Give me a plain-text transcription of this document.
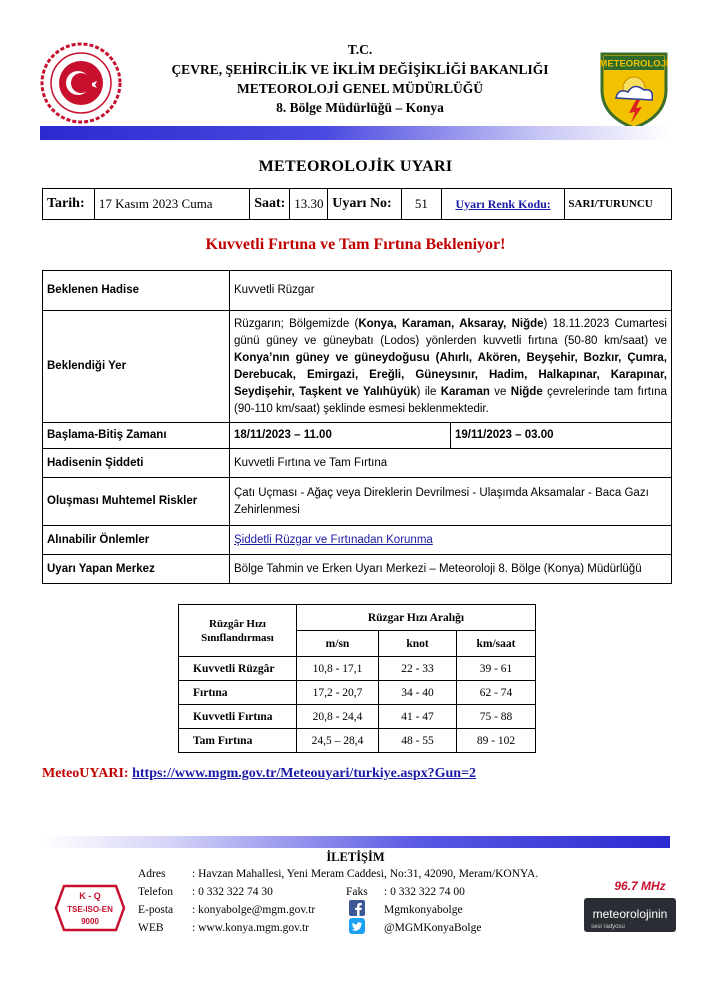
T.C.
ÇEVRE, ŞEHİRCİLİK VE İKLİM DEĞİŞİKLİĞİ BAKANLIĞI
METEOROLOJİ GENEL MÜDÜRLÜĞÜ
8. Bölge Müdürlüğü – Konya
METEOROLOJİ
METEOROLOJİK UYARI
Tarih:	17 Kasım 2023 Cuma	Saat: 13.30 Uyarı No:	51	Uyarı Renk Kodu:	SARI/TURUNCU
Kuvvetli Fırtına ve Tam Fırtına Bekleniyor!
Beklenen Hadise	Kuvvetli Rüzgar	
Beklendiği Yer	Rüzgarın; Bölgemizde (Konya, Karaman, Aksaray, Niğde) 18.11.2023 Cumartesi günü güney ve güneybatı (Lodos) yönlerden kuvvetli fırtına (50-80 km/saat) ve Konya’nın güney ve güneydoğusu (Ahırlı, Akören, Beyşehir, Bozkır, Çumra, Derebucak, Emirgazi, Ereğli, Güneysınır, Hadim, Halkapınar, Karapınar, Seydişehir, Taşkent ve Yalıhüyük) ile Karaman ve Niğde çevrelerinde tam fırtına (90-110 km/saat) şeklinde esmesi beklenmektedir.	
Başlama-Bitiş Zamanı	18/11/2023 – 11.00	19/11/2023 – 03.00
Hadisenin Şiddeti	Kuvvetli Fırtına ve Tam Fırtına	
Oluşması Muhtemel Riskler	Çatı Uçması - Ağaç veya Direklerin Devrilmesi - Ulaşımda Aksamalar - Baca Gazı Zehirlenmesi	
Alınabilir Önlemler	Şiddetli Rüzgar ve Fırtınadan Korunma	
Uyarı Yapan Merkez	Bölge Tahmin ve Erken Uyarı Merkezi – Meteoroloji 8. Bölge (Konya) Müdürlüğü	
Rüzgâr Hızı Sınıflandırması	Rüzgar Hızı Aralığı		
	m/sn	knot	km/saat
Kuvvetli Rüzgâr	10,8 - 17,1	22 - 33	39 - 61
Fırtına	17,2 - 20,7	34 - 40	62 - 74
Kuvvetli Fırtına	20,8 - 24,4	41 - 47	75 - 88
Tam Fırtına	24,5 – 28,4	48 - 55	89 - 102
MeteoUYARI: https://www.mgm.gov.tr/Meteouyari/turkiye.aspx?Gun=2
İLETİŞİM
K - Q
TSE-ISO-EN
9000
Adres : Havzan Mahallesi, Yeni Meram Caddesi, No:31, 42090, Meram/KONYA.
Telefon : 0 332 322 74 30	Faks : 0 332 322 74 00
E-posta : konyabolge@mgm.gov.tr	Mgmkonyabolge
WEB : www.konya.mgm.gov.tr	@MGMKonyaBolge
96.7 MHz
meteorolojinin
sesi radyosu
